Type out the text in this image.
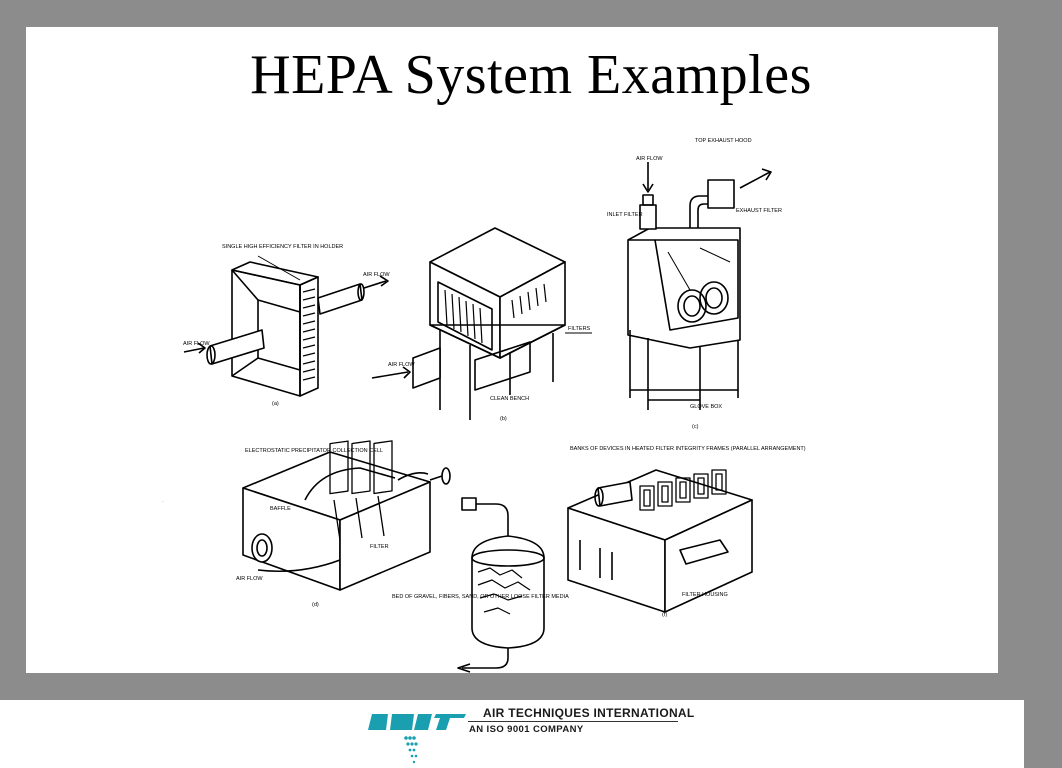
HEPA System Examples
SINGLE HIGH EFFICIENCY FILTER IN HOLDER
AIR FLOW
AIR FLOW
(a)
FILTERS
AIR FLOW
CLEAN BENCH
(b)
TOP EXHAUST HOOD
AIR FLOW
INLET FILTER
EXHAUST FILTER
GLOVE BOX
(c)
ELECTROSTATIC PRECIPITATOR COLLECTION CELL
BAFFLE
FILTER
AIR FLOW
(d)
BED OF GRAVEL, FIBERS, SAND, OR OTHER LOOSE FILTER MEDIA
BANKS OF DEVICES IN HEATED FILTER INTEGRITY FRAMES (PARALLEL ARRANGEMENT)
FILTER HOUSING
(f)
ATI
AIR TECHNIQUES INTERNATIONAL
AN ISO 9001 COMPANY
